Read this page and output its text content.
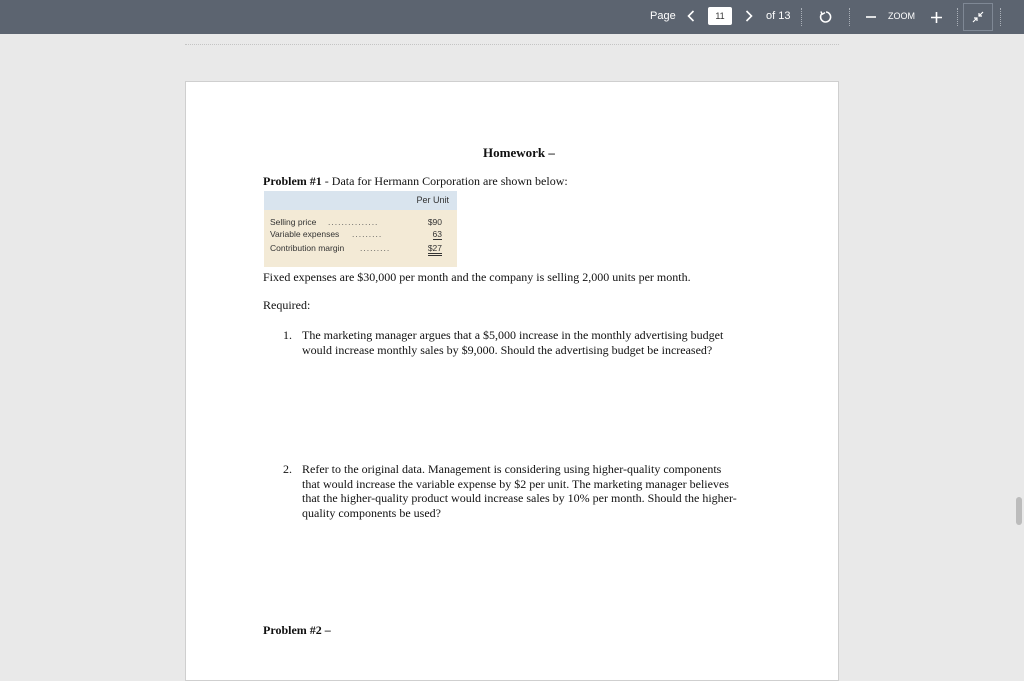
Page	11	of 13	ZOOM
Homework –
Problem #1 - Data for Hermann Corporation are shown below:
Per Unit
Selling price ...............	$90
Variable expenses .........	63
Contribution margin .........	$27
Fixed expenses are $30,000 per month and the company is selling 2,000 units per month.
Required:
1. The marketing manager argues that a $5,000 increase in the monthly advertising budget
would increase monthly sales by $9,000. Should the advertising budget be increased?
2. Refer to the original data. Management is considering using higher-quality components
that would increase the variable expense by $2 per unit. The marketing manager believes
that the higher-quality product would increase sales by 10% per month. Should the higher-
quality components be used?
Problem #2 –
